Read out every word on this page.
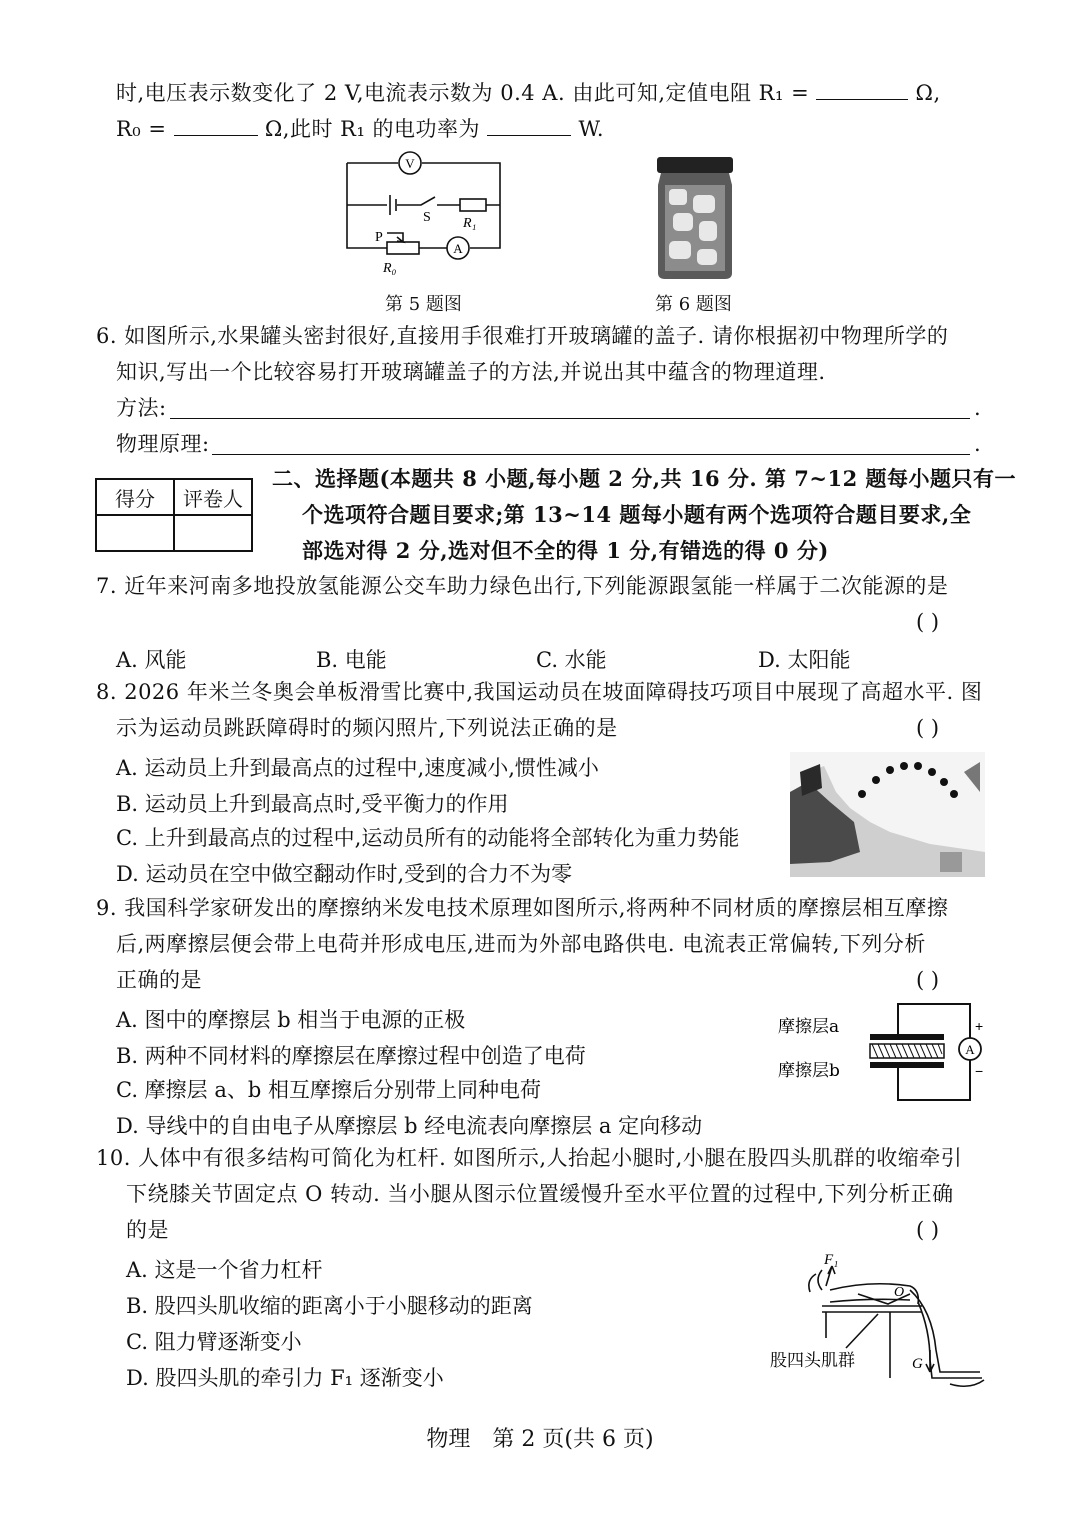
时,电压表示数变化了 2 V,电流表示数为 0.4 A. 由此可知,定值电阻 R₁ =	Ω,
R₀ =	Ω,此时 R₁ 的电功率为	W.
V
A
S R₁
P
R₀
第 5 题图	第 6 题图
6. 如图所示,水果罐头密封很好,直接用手很难打开玻璃罐的盖子. 请你根据初中物理所学的
知识,写出一个比较容易打开玻璃罐盖子的方法,并说出其中蕴含的物理道理.
方法:	.
物理原理:	.
得分	评卷人

二、选择题(本题共 8 小题,每小题 2 分,共 16 分. 第 7~12 题每小题只有一
个选项符合题目要求;第 13~14 题每小题有两个选项符合题目要求,全
部选对得 2 分,选对但不全的得 1 分,有错选的得 0 分)
7. 近年来河南多地投放氢能源公交车助力绿色出行,下列能源跟氢能一样属于二次能源的是
( )
A. 风能	B. 电能	C. 水能	D. 太阳能
8. 2026 年米兰冬奥会单板滑雪比赛中,我国运动员在坡面障碍技巧项目中展现了高超水平. 图
示为运动员跳跃障碍时的频闪照片,下列说法正确的是	( )
A. 运动员上升到最高点的过程中,速度减小,惯性减小
B. 运动员上升到最高点时,受平衡力的作用
C. 上升到最高点的过程中,运动员所有的动能将全部转化为重力势能
D. 运动员在空中做空翻动作时,受到的合力不为零
9. 我国科学家研发出的摩擦纳米发电技术原理如图所示,将两种不同材质的摩擦层相互摩擦
后,两摩擦层便会带上电荷并形成电压,进而为外部电路供电. 电流表正常偏转,下列分析
正确的是	( )
A. 图中的摩擦层 b 相当于电源的正极
B. 两种不同材料的摩擦层在摩擦过程中创造了电荷
C. 摩擦层 a、b 相互摩擦后分别带上同种电荷
D. 导线中的自由电子从摩擦层 b 经电流表向摩擦层 a 定向移动
A
+
−
摩擦层a
摩擦层b
10. 人体中有很多结构可简化为杠杆. 如图所示,人抬起小腿时,小腿在股四头肌群的收缩牵引
下绕膝关节固定点 O 转动. 当小腿从图示位置缓慢升至水平位置的过程中,下列分析正确
的是	( )
A. 这是一个省力杠杆
B. 股四头肌收缩的距离小于小腿移动的距离
C. 阻力臂逐渐变小
D. 股四头肌的牵引力 F₁ 逐渐变小
F₁
O
G
股四头肌群
物理　第 2 页(共 6 页)
